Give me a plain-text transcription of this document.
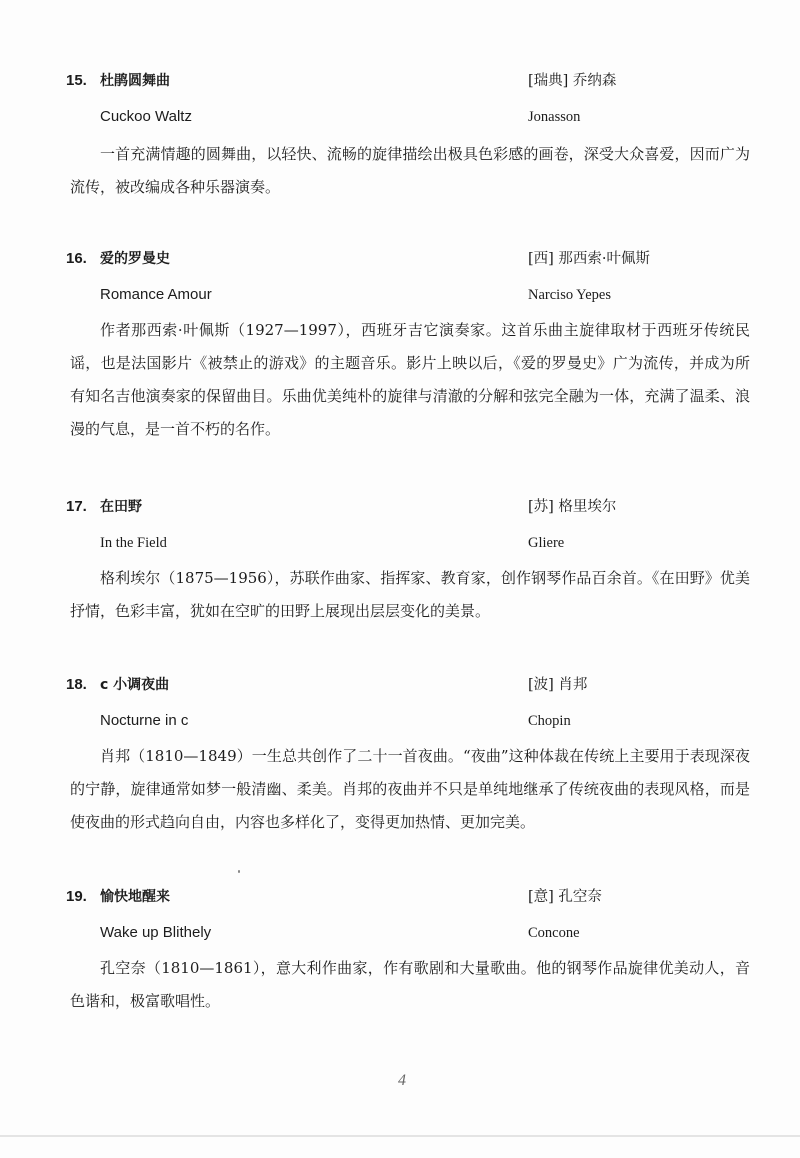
15. 杜鹃圆舞曲	[瑞典] 乔纳森
Cuckoo Waltz	Jonasson
一首充满情趣的圆舞曲，以轻快、流畅的旋律描绘出极具色彩感的画卷，深受大众喜爱，因而广为流传，被改编成各种乐器演奏。
16. 爱的罗曼史	[西] 那西索·叶佩斯
Romance Amour	Narciso Yepes
作者那西索·叶佩斯（1927—1997），西班牙吉它演奏家。这首乐曲主旋律取材于西班牙传统民谣，也是法国影片《被禁止的游戏》的主题音乐。影片上映以后，《爱的罗曼史》广为流传，并成为所有知名吉他演奏家的保留曲目。乐曲优美纯朴的旋律与清澈的分解和弦完全融为一体，充满了温柔、浪漫的气息，是一首不朽的名作。
17. 在田野	[苏] 格里埃尔
In the Field	Gliere
格利埃尔（1875—1956），苏联作曲家、指挥家、教育家，创作钢琴作品百余首。《在田野》优美抒情，色彩丰富，犹如在空旷的田野上展现出层层变化的美景。
18. c 小调夜曲	[波] 肖邦
Nocturne in c	Chopin
肖邦（1810—1849）一生总共创作了二十一首夜曲。“夜曲”这种体裁在传统上主要用于表现深夜的宁静，旋律通常如梦一般清幽、柔美。肖邦的夜曲并不只是单纯地继承了传统夜曲的表现风格，而是使夜曲的形式趋向自由，内容也多样化了，变得更加热情、更加完美。
19. 愉快地醒来	[意] 孔空奈
Wake up Blithely	Concone
孔空奈（1810—1861），意大利作曲家，作有歌剧和大量歌曲。他的钢琴作品旋律优美动人，音色谐和，极富歌唱性。
4
